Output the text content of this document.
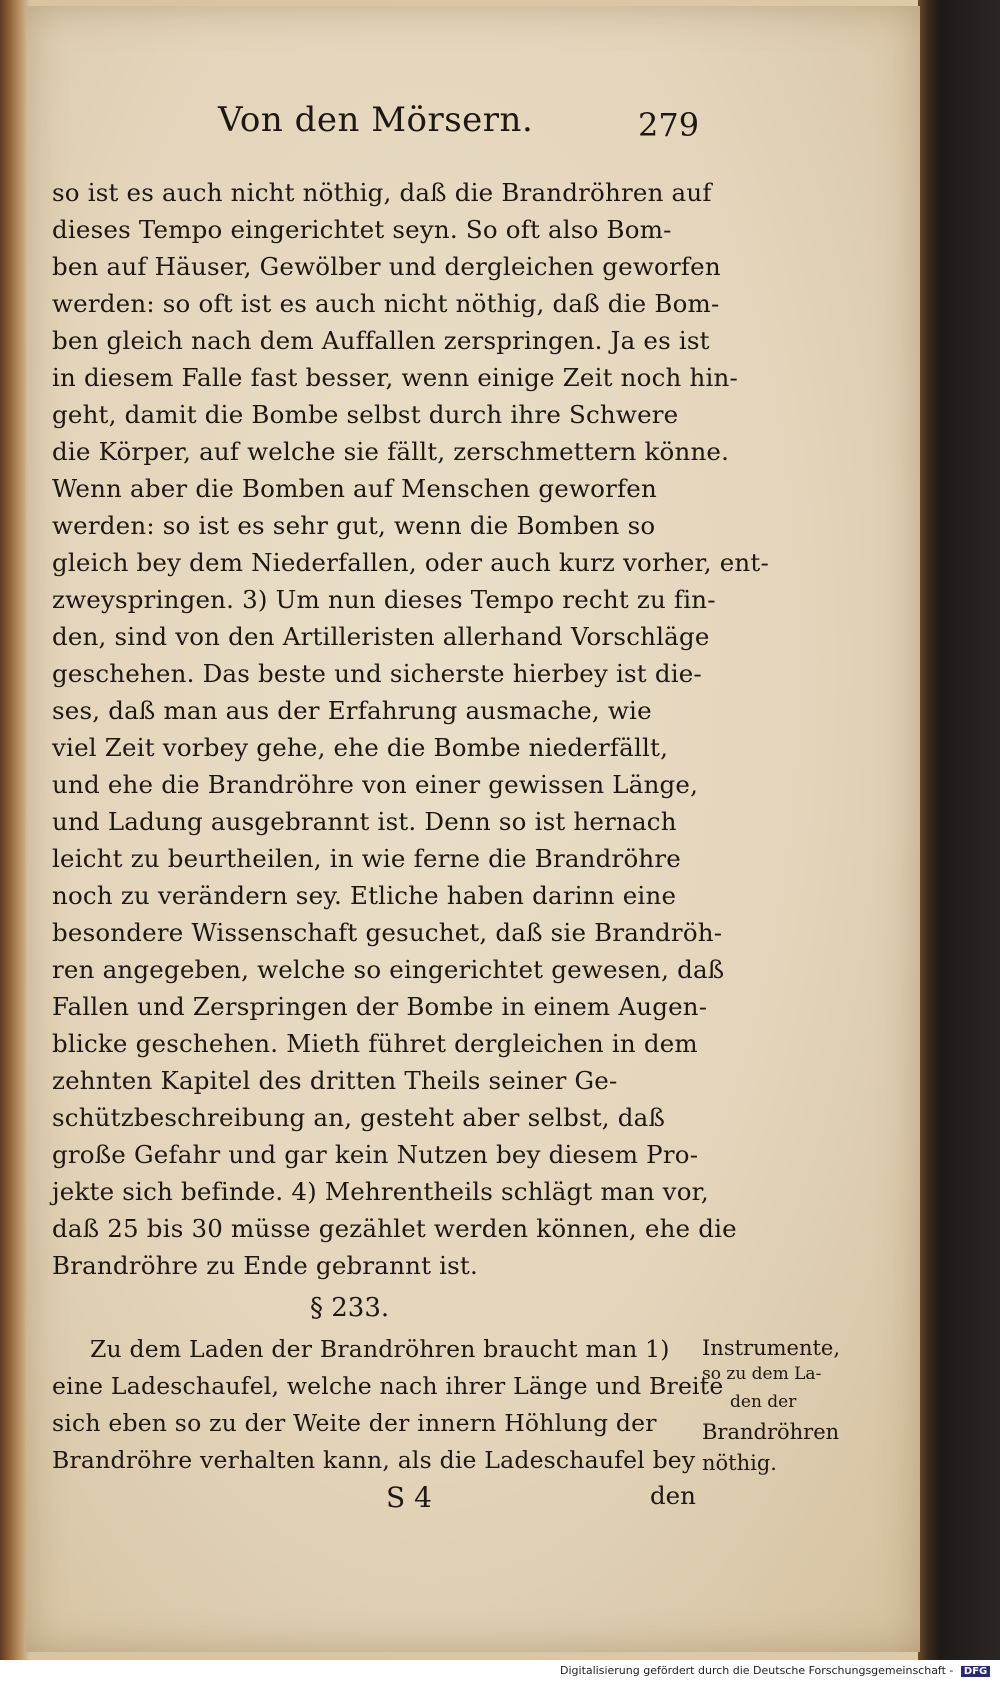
Von den Mörsern.	279
so ist es auch nicht nöthig, daß die Brandröhren auf
dieses Tempo eingerichtet seyn. So oft also Bom-
ben auf Häuser, Gewölber und dergleichen geworfen
werden: so oft ist es auch nicht nöthig, daß die Bom-
ben gleich nach dem Auffallen zerspringen. Ja es ist
in diesem Falle fast besser, wenn einige Zeit noch hin-
geht, damit die Bombe selbst durch ihre Schwere
die Körper, auf welche sie fällt, zerschmettern könne.
Wenn aber die Bomben auf Menschen geworfen
werden: so ist es sehr gut, wenn die Bomben so
gleich bey dem Niederfallen, oder auch kurz vorher, ent-
zweyspringen. 3) Um nun dieses Tempo recht zu fin-
den, sind von den Artilleristen allerhand Vorschläge
geschehen. Das beste und sicherste hierbey ist die-
ses, daß man aus der Erfahrung ausmache, wie
viel Zeit vorbey gehe, ehe die Bombe niederfällt,
und ehe die Brandröhre von einer gewissen Länge,
und Ladung ausgebrannt ist. Denn so ist hernach
leicht zu beurtheilen, in wie ferne die Brandröhre
noch zu verändern sey. Etliche haben darinn eine
besondere Wissenschaft gesuchet, daß sie Brandröh-
ren angegeben, welche so eingerichtet gewesen, daß
Fallen und Zerspringen der Bombe in einem Augen-
blicke geschehen. Mieth führet dergleichen in dem
zehnten Kapitel des dritten Theils seiner Ge-
schützbeschreibung an, gesteht aber selbst, daß
große Gefahr und gar kein Nutzen bey diesem Pro-
jekte sich befinde. 4) Mehrentheils schlägt man vor,
daß 25 bis 30 müsse gezählet werden können, ehe die
Brandröhre zu Ende gebrannt ist.
§ 233.
Zu dem Laden der Brandröhren braucht man 1)
eine Ladeschaufel, welche nach ihrer Länge und Breite
sich eben so zu der Weite der innern Höhlung der
Brandröhre verhalten kann, als die Ladeschaufel bey
Instrumente,
so zu dem La-
den der
Brandröhren
nöthig.
S 4	den
Digitalisierung gefördert durch die Deutsche Forschungsgemeinschaft - DFG
